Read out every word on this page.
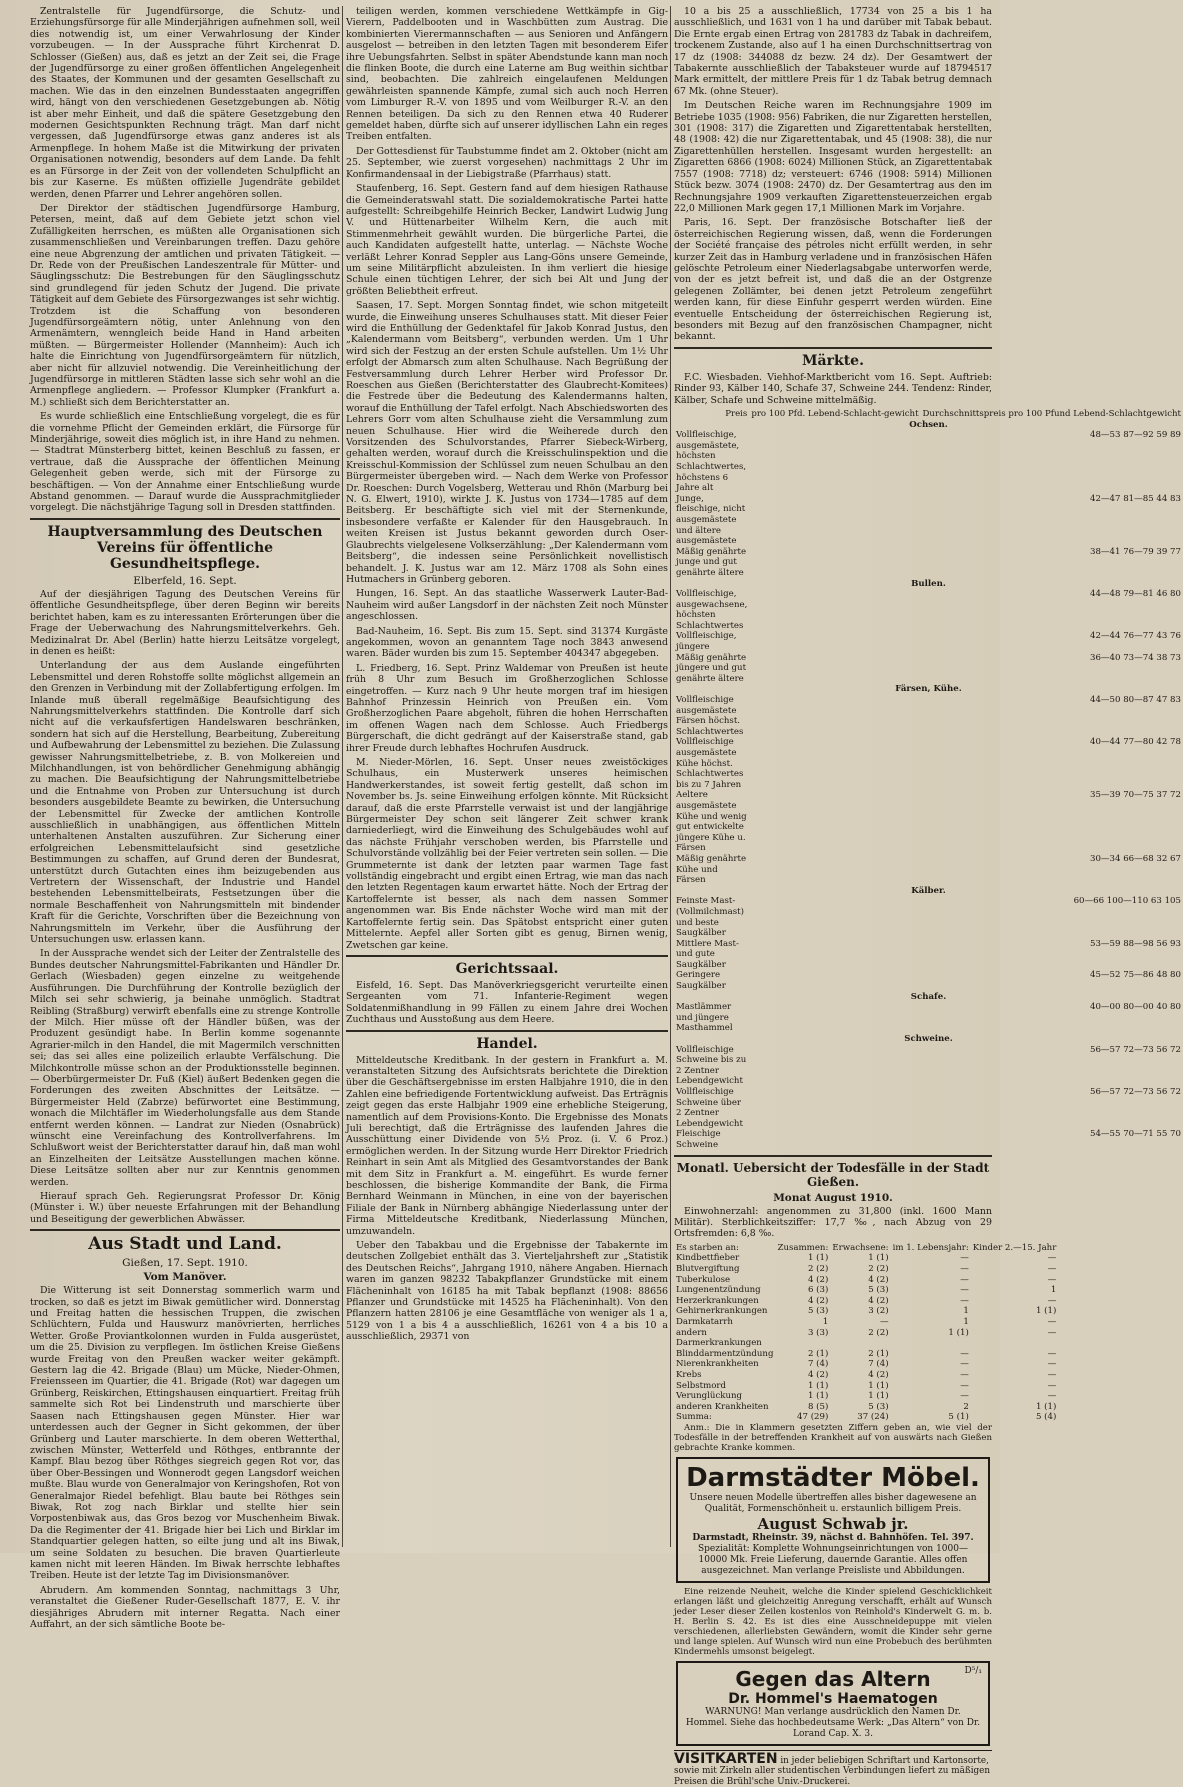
Zentralstelle für Jugendfürsorge, die Schutz- und Erziehungsfürsorge für alle Minderjährigen aufnehmen soll, weil dies notwendig ist, um einer Verwahrlosung der Kinder vorzubeugen. — In der Aussprache führt Kirchenrat D. Schlosser (Gießen) aus, daß es jetzt an der Zeit sei, die Frage der Jugendfürsorge zu einer großen öffentlichen Angelegenheit des Staates, der Kommunen und der gesamten Gesellschaft zu machen. Wie das in den einzelnen Bundesstaaten angegriffen wird, hängt von den verschiedenen Gesetzgebungen ab. Nötig ist aber mehr Einheit, und daß die spätere Gesetzgebung den modernen Gesichtspunkten Rechnung trägt. Man darf nicht vergessen, daß Jugendfürsorge etwas ganz anderes ist als Armenpflege. In hohem Maße ist die Mitwirkung der privaten Organisationen notwendig, besonders auf dem Lande. Da fehlt es an Fürsorge in der Zeit von der vollendeten Schulpflicht an bis zur Kaserne. Es müßten offizielle Jugendräte gebildet werden, denen Pfarrer und Lehrer angehören sollen.

Der Direktor der städtischen Jugendfürsorge Hamburg, Petersen, meint, daß auf dem Gebiete jetzt schon viel Zufälligkeiten herrschen, es müßten alle Organisationen sich zusammenschließen und Vereinbarungen treffen. Dazu gehöre eine neue Abgrenzung der amtlichen und privaten Tätigkeit. — Dr. Rede von der Preußischen Landeszentrale für Mütter- und Säuglingsschutz: Die Bestrebungen für den Säuglingsschutz sind grundlegend für jeden Schutz der Jugend. Die private Tätigkeit auf dem Gebiete des Fürsorgezwanges ist sehr wichtig. Trotzdem ist die Schaffung von besonderen Jugendfürsorgeämtern nötig, unter Anlehnung von den Armenämtern, wenngleich beide Hand in Hand arbeiten müßten. — Bürgermeister Hollender (Mannheim): Auch ich halte die Einrichtung von Jugendfürsorgeämtern für nützlich, aber nicht für allzuviel notwendig. Die Vereinheitlichung der Jugendfürsorge in mittleren Städten lasse sich sehr wohl an die Armenpflege angliedern. — Professor Klumpker (Frankfurt a. M.) schließt sich dem Berichterstatter an.

Es wurde schließlich eine Entschließung vorgelegt, die es für die vornehme Pflicht der Gemeinden erklärt, die Fürsorge für Minderjährige, soweit dies möglich ist, in ihre Hand zu nehmen. — Stadtrat Münsterberg bittet, keinen Beschluß zu fassen, er vertraue, daß die Aussprache der öffentlichen Meinung Gelegenheit geben werde, sich mit der Fürsorge zu beschäftigen. — Von der Annahme einer Entschließung wurde Abstand genommen. — Darauf wurde die Aussprachmitglieder vorgelegt. Die nächstjährige Tagung soll in Dresden stattfinden.

Hauptversammlung des Deutschen Vereins für öffentliche Gesundheitspflege.
Elberfeld, 16. Sept.

Auf der diesjährigen Tagung des Deutschen Vereins für öffentliche Gesundheitspflege, über deren Beginn wir bereits berichtet haben, kam es zu interessanten Erörterungen über die Frage der Ueberwachung des Nahrungsmittelverkehrs. Geh. Medizinalrat Dr. Abel (Berlin) hatte hierzu Leitsätze vorgelegt, in denen es heißt:

Unterlandung der aus dem Auslande eingeführten Lebensmittel und deren Rohstoffe sollte möglichst allgemein an den Grenzen in Verbindung mit der Zollabfertigung erfolgen. Im Inlande muß überall regelmäßige Beaufsichtigung des Nahrungsmittelverkehrs stattfinden. Die Kontrolle darf sich nicht auf die verkaufsfertigen Handelswaren beschränken, sondern hat sich auf die Herstellung, Bearbeitung, Zubereitung und Aufbewahrung der Lebensmittel zu beziehen. Die Zulassung gewisser Nahrungsmittelbetriebe, z. B. von Molkereien und Milchhandlungen, ist von behördlicher Genehmigung abhängig zu machen. Die Beaufsichtigung der Nahrungsmittelbetriebe und die Entnahme von Proben zur Untersuchung ist durch besonders ausgebildete Beamte zu bewirken, die Untersuchung der Lebensmittel für Zwecke der amtlichen Kontrolle ausschließlich in unabhängigen, aus öffentlichen Mitteln unterhaltenen Anstalten auszuführen. Zur Sicherung einer erfolgreichen Lebensmittelaufsicht sind gesetzliche Bestimmungen zu schaffen, auf Grund deren der Bundesrat, unterstützt durch Gutachten eines ihm beizugebenden aus Vertretern der Wissenschaft, der Industrie und Handel bestehenden Lebensmittelbeirats, Festsetzungen über die normale Beschaffenheit von Nahrungsmitteln mit bindender Kraft für die Gerichte, Vorschriften über die Bezeichnung von Nahrungsmitteln im Verkehr, über die Ausführung der Untersuchungen usw. erlassen kann.

In der Aussprache wendet sich der Leiter der Zentralstelle des Bundes deutscher Nahrungsmittel-Fabrikanten und Händler Dr. Gerlach (Wiesbaden) gegen einzelne zu weitgehende Ausführungen. Die Durchführung der Kontrolle bezüglich der Milch sei sehr schwierig, ja beinahe unmöglich. Stadtrat Reibling (Straßburg) verwirft ebenfalls eine zu strenge Kontrolle der Milch. Hier müsse oft der Händler büßen, was der Produzent gesündigt habe. In Berlin komme sogenannte Agrarier-milch in den Handel, die mit Magermilch verschnitten sei; das sei alles eine polizeilich erlaubte Verfälschung. Die Milchkontrolle müsse schon an der Produktionsstelle beginnen. — Oberbürgermeister Dr. Fuß (Kiel) äußert Bedenken gegen die Forderungen des zweiten Abschnittes der Leitsätze. — Bürgermeister Held (Zabrze) befürwortet eine Bestimmung, wonach die Milchtäfler im Wiederholungsfalle aus dem Stande entfernt werden können. — Landrat zur Nieden (Osnabrück) wünscht eine Vereinfachung des Kontrollverfahrens. Im Schlußwort weist der Berichterstatter darauf hin, daß man wohl an Einzelheiten der Leitsätze Ausstellungen machen könne. Diese Leitsätze sollten aber nur zur Kenntnis genommen werden.

Hierauf sprach Geh. Regierungsrat Professor Dr. König (Münster i. W.) über neueste Erfahrungen mit der Behandlung und Beseitigung der gewerblichen Abwässer.

Aus Stadt und Land.
Gießen, 17. Sept. 1910.
Vom Manöver.

Die Witterung ist seit Donnerstag sommerlich warm und trocken, so daß es jetzt im Biwak gemütlicher wird. Donnerstag und Freitag hatten die hessischen Truppen, die zwischen Schlüchtern, Fulda und Hauswurz manövrierten, herrliches Wetter. Große Proviantkolonnen wurden in Fulda ausgerüstet, um die 25. Division zu verpflegen. Im östlichen Kreise Gießens wurde Freitag von den Preußen wacker weiter gekämpft. Gestern lag die 42. Brigade (Blau) um Mücke, Nieder-Ohmen, Freiensseen im Quartier, die 41. Brigade (Rot) war dagegen um Grünberg, Reiskirchen, Ettingshausen einquartiert. Freitag früh sammelte sich Rot bei Lindenstruth und marschierte über Saasen nach Ettingshausen gegen Münster. Hier war unterdessen auch der Gegner in Sicht gekommen, der über Grünberg und Lauter marschierte. In dem oberen Wetterthal, zwischen Münster, Wetterfeld und Röthges, entbrannte der Kampf. Blau bezog über Röthges siegreich gegen Rot vor, das über Ober-Bessingen und Wonnerodt gegen Langsdorf weichen mußte. Blau wurde von Generalmajor von Keringshofen, Rot von Generalmajor Riedel befehligt. Blau baute bei Röthges sein Biwak, Rot zog nach Birklar und stellte hier sein Vorpostenbiwak aus, das Gros bezog vor Muschenheim Biwak. Da die Regimenter der 41. Brigade hier bei Lich und Birklar im Standquartier gelegen hatten, so eilte jung und alt ins Biwak, um seine Soldaten zu besuchen. Die braven Quartierleute kamen nicht mit leeren Händen. Im Biwak herrschte lebhaftes Treiben. Heute ist der letzte Tag im Divisionsmanöver.

Abrudern. Am kommenden Sonntag, nachmittags 3 Uhr, veranstaltet die Gießener Ruder-Gesellschaft 1877, E. V. ihr diesjähriges Abrudern mit interner Regatta. Nach einer Auffahrt, an der sich sämtliche Boote be-

teiligen werden, kommen verschiedene Wettkämpfe in Gig-Vierern, Paddelbooten und in Waschbütten zum Austrag. Die kombinierten Vierermannschaften — aus Senioren und Anfängern ausgelost — betreiben in den letzten Tagen mit besonderem Eifer ihre Uebungsfahrten. Selbst in später Abendstunde kann man noch die flinken Boote, die durch eine Laterne am Bug weithin sichtbar sind, beobachten. Die zahlreich eingelaufenen Meldungen gewährleisten spannende Kämpfe, zumal sich auch noch Herren vom Limburger R.-V. von 1895 und vom Weilburger R.-V. an den Rennen beteiligen. Da sich zu den Rennen etwa 40 Ruderer gemeldet haben, dürfte sich auf unserer idyllischen Lahn ein reges Treiben entfalten.

Der Gottesdienst für Taubstumme findet am 2. Oktober (nicht am 25. September, wie zuerst vorgesehen) nachmittags 2 Uhr im Konfirmandensaal in der Liebigstraße (Pfarrhaus) statt.

Staufenberg, 16. Sept. Gestern fand auf dem hiesigen Rathause die Gemeinderatswahl statt. Die sozialdemokratische Partei hatte aufgestellt: Schreibgehilfe Heinrich Becker, Landwirt Ludwig Jung V. und Hüttenarbeiter Wilhelm Kern, die auch mit Stimmenmehrheit gewählt wurden. Die bürgerliche Partei, die auch Kandidaten aufgestellt hatte, unterlag. — Nächste Woche verläßt Lehrer Konrad Seppler aus Lang-Göns unsere Gemeinde, um seine Militärpflicht abzuleisten. In ihm verliert die hiesige Schule einen tüchtigen Lehrer, der sich bei Alt und Jung der größten Beliebtheit erfreut.

Saasen, 17. Sept. Morgen Sonntag findet, wie schon mitgeteilt wurde, die Einweihung unseres Schulhauses statt. Mit dieser Feier wird die Enthüllung der Gedenktafel für Jakob Konrad Justus, den „Kalendermann vom Beitsberg“, verbunden werden. Um 1 Uhr wird sich der Festzug an der ersten Schule aufstellen. Um 1½ Uhr erfolgt der Abmarsch zum alten Schulhause. Nach Begrüßung der Festversammlung durch Lehrer Herber wird Professor Dr. Roeschen aus Gießen (Berichterstatter des Glaubrecht-Komitees) die Festrede über die Bedeutung des Kalendermanns halten, worauf die Enthüllung der Tafel erfolgt. Nach Abschiedsworten des Lehrers Gorr vom alten Schulhause zieht die Versammlung zum neuen Schulhause. Hier wird die Weiherede durch den Vorsitzenden des Schulvorstandes, Pfarrer Siebeck-Wirberg, gehalten werden, worauf durch die Kreisschulinspektion und die Kreisschul-Kommission der Schlüssel zum neuen Schulbau an den Bürgermeister übergeben wird. — Nach dem Werke von Professor Dr. Roeschen: Durch Vogelsberg, Wetterau und Rhön (Marburg bei N. G. Elwert, 1910), wirkte J. K. Justus von 1734—1785 auf dem Beitsberg. Er beschäftigte sich viel mit der Sternenkunde, insbesondere verfaßte er Kalender für den Hausgebrauch. In weiten Kreisen ist Justus bekannt geworden durch Oser-Glaubrechts vielgelesene Volkserzählung: „Der Kalendermann vom Beitsberg“, die indessen seine Persönlichkeit novellistisch behandelt. J. K. Justus war am 12. März 1708 als Sohn eines Hutmachers in Grünberg geboren.

Hungen, 16. Sept. An das staatliche Wasserwerk Lauter-Bad-Nauheim wird außer Langsdorf in der nächsten Zeit noch Münster angeschlossen.

Bad-Nauheim, 16. Sept. Bis zum 15. Sept. sind 31374 Kurgäste angekommen, wovon an genanntem Tage noch 3843 anwesend waren. Bäder wurden bis zum 15. September 404347 abgegeben.

L. Friedberg, 16. Sept. Prinz Waldemar von Preußen ist heute früh 8 Uhr zum Besuch im Großherzoglichen Schlosse eingetroffen. — Kurz nach 9 Uhr heute morgen traf im hiesigen Bahnhof Prinzessin Heinrich von Preußen ein. Vom Großherzoglichen Paare abgeholt, führen die hohen Herrschaften im offenen Wagen nach dem Schlosse. Auch Friedbergs Bürgerschaft, die dicht gedrängt auf der Kaiserstraße stand, gab ihrer Freude durch lebhaftes Hochrufen Ausdruck.

M. Nieder-Mörlen, 16. Sept. Unser neues zweistöckiges Schulhaus, ein Musterwerk unseres heimischen Handwerkerstandes, ist soweit fertig gestellt, daß schon im November bs. Js. seine Einweihung erfolgen könnte. Mit Rücksicht darauf, daß die erste Pfarrstelle verwaist ist und der langjährige Bürgermeister Dey schon seit längerer Zeit schwer krank darniederliegt, wird die Einweihung des Schulgebäudes wohl auf das nächste Frühjahr verschoben werden, bis Pfarrstelle und Schulvorstände vollzählig bei der Feier vertreten sein sollen. — Die Grummeternte ist dank der letzten paar warmen Tage fast vollständig eingebracht und ergibt einen Ertrag, wie man das nach den letzten Regentagen kaum erwartet hätte. Noch der Ertrag der Kartoffelernte ist besser, als nach dem nassen Sommer angenommen war. Bis Ende nächster Woche wird man mit der Kartoffelernte fertig sein. Das Spätobst entspricht einer guten Mittelernte. Aepfel aller Sorten gibt es genug, Birnen wenig, Zwetschen gar keine.

Gerichtssaal.

Eisfeld, 16. Sept. Das Manöverkriegsgericht verurteilte einen Sergeanten vom 71. Infanterie-Regiment wegen Soldatenmißhandlung in 99 Fällen zu einem Jahre drei Wochen Zuchthaus und Ausstoßung aus dem Heere.

Handel.

Mitteldeutsche Kreditbank. In der gestern in Frankfurt a. M. veranstalteten Sitzung des Aufsichtsrats berichtete die Direktion über die Geschäftsergebnisse im ersten Halbjahre 1910, die in den Zahlen eine befriedigende Fortentwicklung aufweist. Das Erträgnis zeigt gegen das erste Halbjahr 1909 eine erhebliche Steigerung, namentlich auf dem Provisions-Konto. Die Ergebnisse des Monats Juli berechtigt, daß die Erträgnisse des laufenden Jahres die Ausschüttung einer Dividende von 5½ Proz. (i. V. 6 Proz.) ermöglichen werden. In der Sitzung wurde Herr Direktor Friedrich Reinhart in sein Amt als Mitglied des Gesamtvorstandes der Bank mit dem Sitz in Frankfurt a. M. eingeführt. Es wurde ferner beschlossen, die bisherige Kommandite der Bank, die Firma Bernhard Weinmann in München, in eine von der bayerischen Filiale der Bank in Nürnberg abhängige Niederlassung unter der Firma Mitteldeutsche Kreditbank, Niederlassung München, umzuwandeln.

Ueber den Tabakbau und die Ergebnisse der Tabakernte im deutschen Zollgebiet enthält das 3. Vierteljahrsheft zur „Statistik des Deutschen Reichs“, Jahrgang 1910, nähere Angaben. Hiernach waren im ganzen 98232 Tabakpflanzer Grundstücke mit einem Flächeninhalt von 16185 ha mit Tabak bepflanzt (1908: 88656 Pflanzer und Grundstücke mit 14525 ha Flächeninhalt). Von den Pflanzern hatten 28106 je eine Gesamtfläche von weniger als 1 a, 5129 von 1 a bis 4 a ausschließlich, 16261 von 4 a bis 10 a ausschließlich, 29371 von

10 a bis 25 a ausschließlich, 17734 von 25 a bis 1 ha ausschließlich, und 1631 von 1 ha und darüber mit Tabak bebaut. Die Ernte ergab einen Ertrag von 281783 dz Tabak in dachreifem, trockenem Zustande, also auf 1 ha einen Durchschnittsertrag von 17 dz (1908: 344088 dz bezw. 24 dz). Der Gesamtwert der Tabakernte ausschließlich der Tabaksteuer wurde auf 18794517 Mark ermittelt, der mittlere Preis für 1 dz Tabak betrug demnach 67 Mk. (ohne Steuer).

Im Deutschen Reiche waren im Rechnungsjahre 1909 im Betriebe 1035 (1908: 956) Fabriken, die nur Zigaretten herstellen, 301 (1908: 317) die Zigaretten und Zigarettentabak herstellten, 48 (1908: 42) die nur Zigarettentabak, und 45 (1908: 38), die nur Zigarettenhüllen herstellen. Insgesamt wurden hergestellt: an Zigaretten 6866 (1908: 6024) Millionen Stück, an Zigarettentabak 7557 (1908: 7718) dz; versteuert: 6746 (1908: 5914) Millionen Stück bezw. 3074 (1908: 2470) dz. Der Gesamtertrag aus den im Rechnungsjahre 1909 verkauften Zigarettensteuerzeichen ergab 22,0 Millionen Mark gegen 17,1 Millionen Mark im Vorjahre.

Paris, 16. Sept. Der französische Botschafter ließ der österreichischen Regierung wissen, daß, wenn die Forderungen der Société française des pétroles nicht erfüllt werden, in sehr kurzer Zeit das in Hamburg verladene und in französischen Häfen gelöschte Petroleum einer Niederlagsabgabe unterworfen werde, von der es jetzt befreit ist, und daß die an der Ostgrenze gelegenen Zollämter, bei denen jetzt Petroleum zengeführt werden kann, für diese Einfuhr gesperrt werden würden. Eine eventuelle Entscheidung der österreichischen Regierung ist, besonders mit Bezug auf den französischen Champagner, nicht bekannt.

Märkte.

F.C. Wiesbaden. Viehhof-Marktbericht vom 16. Sept. Auftrieb: Rinder 93, Kälber 140, Schafe 37, Schweine 244. Tendenz: Rinder, Kälber, Schafe und Schweine mittelmäßig.

Preis	pro 100 Pfd. Lebend-Schlacht-gewicht	Durchschnittspreis pro 100 Pfund Lebend-Schlachtgewicht
Ochsen.		
Vollfleischige, ausgemästete, höchsten Schlachtwertes, höchstens 6 Jahre alt	48—53 87—92 59 89	
Junge, fleischige, nicht ausgemästete und ältere ausgemästete	42—47 81—85 44 83	
Mäßig genährte junge und gut genährte ältere	38—41 76—79 39 77	
Bullen.		
Vollfleischige, ausgewachsene, höchsten Schlachtwertes	44—48 79—81 46 80	
Vollfleischige, jüngere	42—44 76—77 43 76	
Mäßig genährte jüngere und gut genährte ältere	36—40 73—74 38 73	
Färsen, Kühe.		
Vollfleischige ausgemästete Färsen höchst. Schlachtwertes	44—50 80—87 47 83	
Vollfleischige ausgemästete Kühe höchst. Schlachtwertes bis zu 7 Jahren	40—44 77—80 42 78	
Aeltere ausgemästete Kühe und wenig gut entwickelte jüngere Kühe u. Färsen	35—39 70—75 37 72	
Mäßig genährte Kühe und Färsen	30—34 66—68 32 67	
Kälber.		
Feinste Mast- (Vollmilchmast) und beste Saugkälber	60—66 100—110 63 105	
Mittlere Mast- und gute Saugkälber	53—59 88—98 56 93	
Geringere Saugkälber	45—52 75—86 48 80	
Schafe.		
Mastlämmer und jüngere Masthammel	40—00 80—00 40 80	
Schweine.		
Vollfleischige Schweine bis zu 2 Zentner Lebendgewicht	56—57 72—73 56 72	
Vollfleischige Schweine über 2 Zentner Lebendgewicht	56—57 72—73 56 72	
Fleischige Schweine	54—55 70—71 55 70	
Monatl. Uebersicht der Todesfälle in der Stadt Gießen.
Monat August 1910.

Einwohnerzahl: angenommen zu 31,800 (inkl. 1600 Mann Militär). Sterblichkeitsziffer: 17,7 ‰, nach Abzug von 29 Ortsfremden: 6,8 ‰.

Es starben an:	Zusammen:	Erwachsene:	im 1. Lebensjahr:	Kinder 2.—15. Jahr
Kindbettfieber	1 (1)	1 (1)	—	—
Blutvergiftung	2 (2)	2 (2)	—	—
Tuberkulose	4 (2)	4 (2)	—	—
Lungenentzündung	6 (3)	5 (3)	—	1
Herzerkrankungen	4 (2)	4 (2)	—	—
Gehirnerkrankungen	5 (3)	3 (2)	1	1 (1)
Darmkatarrh	1	—	1	—
andern Darmerkrankungen	3 (3)	2 (2)	1 (1)	—
Blinddarmentzündung	2 (1)	2 (1)	—	—
Nierenkrankheiten	7 (4)	7 (4)	—	—
Krebs	4 (2)	4 (2)	—	—
Selbstmord	1 (1)	1 (1)	—	—
Verunglückung	1 (1)	1 (1)	—	—
anderen Krankheiten	8 (5)	5 (3)	2	1 (1)
Summa:	47 (29)	37 (24)	5 (1)	5 (4)

Anm.: Die in Klammern gesetzten Ziffern geben an, wie viel der Todesfälle in der betreffenden Krankheit auf von auswärts nach Gießen gebrachte Kranke kommen.

Darmstädter Möbel.
Unsere neuen Modelle übertreffen alles bisher dagewesene an Qualität, Formenschönheit u. erstaunlich billigem Preis.
August Schwab jr.
Darmstadt, Rheinstr. 39, nächst d. Bahnhöfen. Tel. 397.
Spezialität: Komplette Wohnungseinrichtungen von 1000—10000 Mk. Freie Lieferung, dauernde Garantie. Alles offen ausgezeichnet. Man verlange Preisliste und Abbildungen.

Eine reizende Neuheit, welche die Kinder spielend Geschicklichkeit erlangen läßt und gleichzeitig Anregung verschafft, erhält auf Wunsch jeder Leser dieser Zeilen kostenlos von Reinhold's Kinderwelt G. m. b. H. Berlin S. 42. Es ist dies eine Ausschneidepuppe mit vielen verschiedenen, allerliebsten Gewändern, womit die Kinder sehr gerne und lange spielen. Auf Wunsch wird nun eine Probebuch des berühmten Kindermehls umsonst beigelegt.

D⁵/₁
Gegen das Altern
Dr. Hommel's Haematogen
WARNUNG! Man verlange ausdrücklich den Namen Dr. Hommel. Siehe das hochbedeutsame Werk: „Das Altern“ von Dr. Lorand Cap. X. 3.
VISITKARTEN in jeder beliebigen Schriftart und Kartonsorte, sowie mit Zirkeln aller studentischen Verbindungen liefert zu mäßigen Preisen die Brühl'sche Univ.-Druckerei.
